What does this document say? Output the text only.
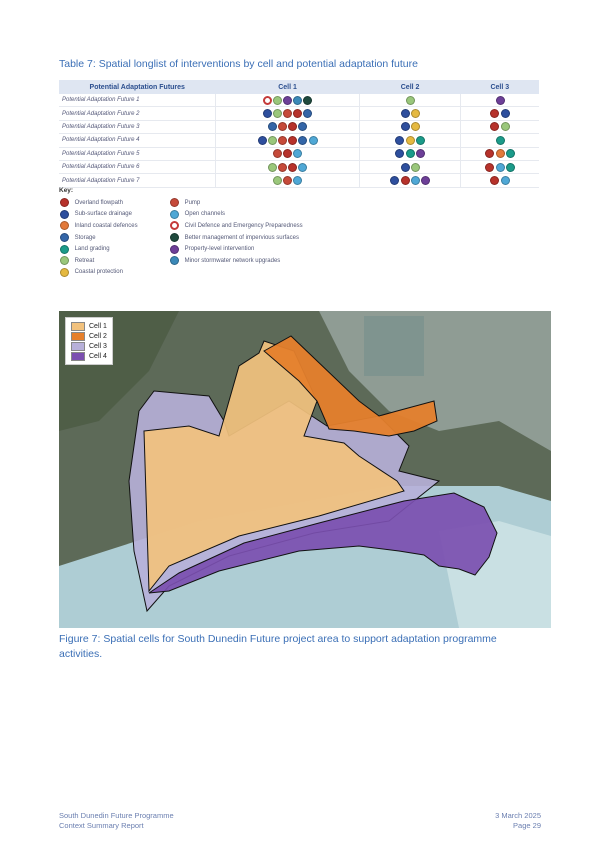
Table 7: Spatial longlist of interventions by cell and potential adaptation future
Potential Adaptation Futures	Cell 1	Cell 2	Cell 3
Potential Adaptation Future 1			
Potential Adaptation Future 2			
Potential Adaptation Future 3			
Potential Adaptation Future 4			
Potential Adaptation Future 5			
Potential Adaptation Future 6			
Potential Adaptation Future 7			
Key:
Overland flowpath
Sub-surface drainage
Inland coastal defences
Storage
Land grading
Retreat
Coastal protection
Pump
Open channels
Civil Defence and Emergency Preparedness
Better management of impervious surfaces
Property-level intervention
Minor stormwater network upgrades
Cell 1
Cell 2
Cell 3
Cell 4
Figure 7: Spatial cells for South Dunedin Future project area to support adaptation programme activities.
South Dunedin Future Programme
Context Summary Report
3 March 2025
Page 29
